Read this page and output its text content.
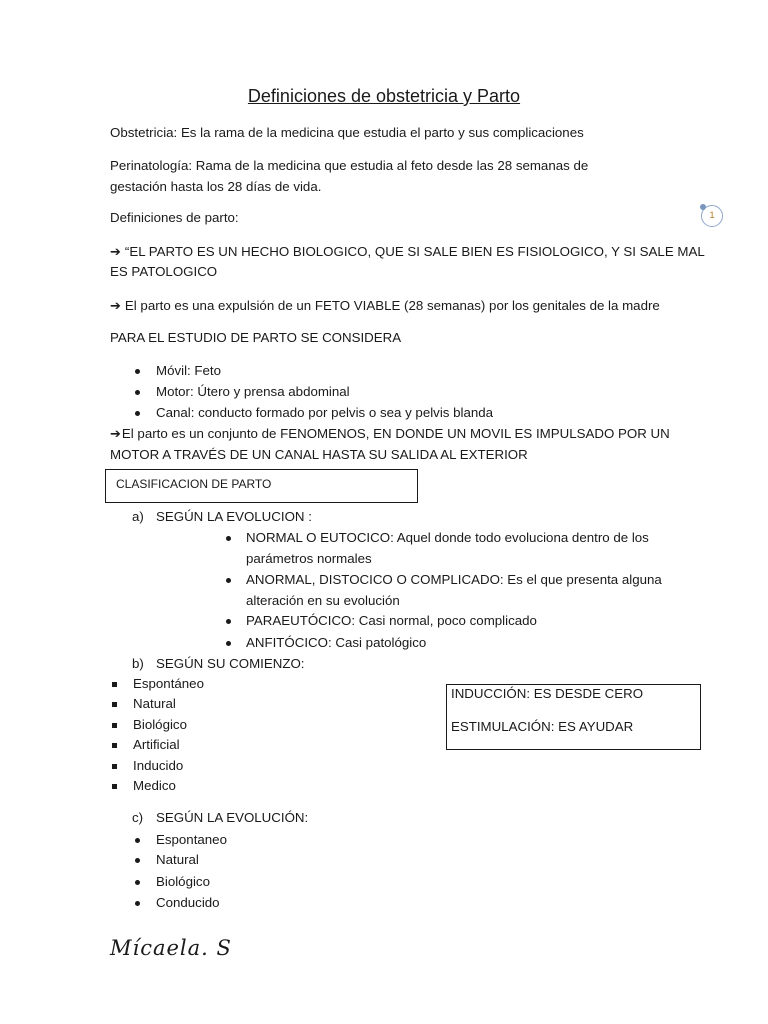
Definiciones de obstetricia y Parto
Obstetricia: Es la rama de la medicina que estudia el parto y sus complicaciones
Perinatología: Rama de la medicina que estudia al feto desde las 28 semanas de
gestación hasta los 28 días de vida.
Definiciones de parto:	1
➔ “EL PARTO ES UN HECHO BIOLOGICO, QUE SI SALE BIEN ES FISIOLOGICO, Y SI SALE MAL
ES PATOLOGICO
➔ El parto es una expulsión de un FETO VIABLE (28 semanas) por los genitales de la madre
PARA EL ESTUDIO DE PARTO SE CONSIDERA
Móvil: Feto
Motor: Útero y prensa abdominal
Canal: conducto formado por pelvis o sea y pelvis blanda
➔El parto es un conjunto de FENOMENOS, EN DONDE UN MOVIL ES IMPULSADO POR UN
MOTOR A TRAVÉS DE UN CANAL HASTA SU SALIDA AL EXTERIOR
CLASIFICACION DE PARTO
a) SEGÚN LA EVOLUCION :
NORMAL O EUTOCICO: Aquel donde todo evoluciona dentro de los
parámetros normales
ANORMAL, DISTOCICO O COMPLICADO: Es el que presenta alguna
alteración en su evolución
PARAEUTÓCICO: Casi normal, poco complicado
ANFITÓCICO: Casi patológico
b) SEGÚN SU COMIENZO:
Espontáneo
Natural
Biológico
Artificial
Inducido
Medico
INDUCCIÓN: ES DESDE CERO
ESTIMULACIÓN: ES AYUDAR
c) SEGÚN LA EVOLUCIÓN:
Espontaneo
Natural
Biológico
Conducido
Mícaela. S
